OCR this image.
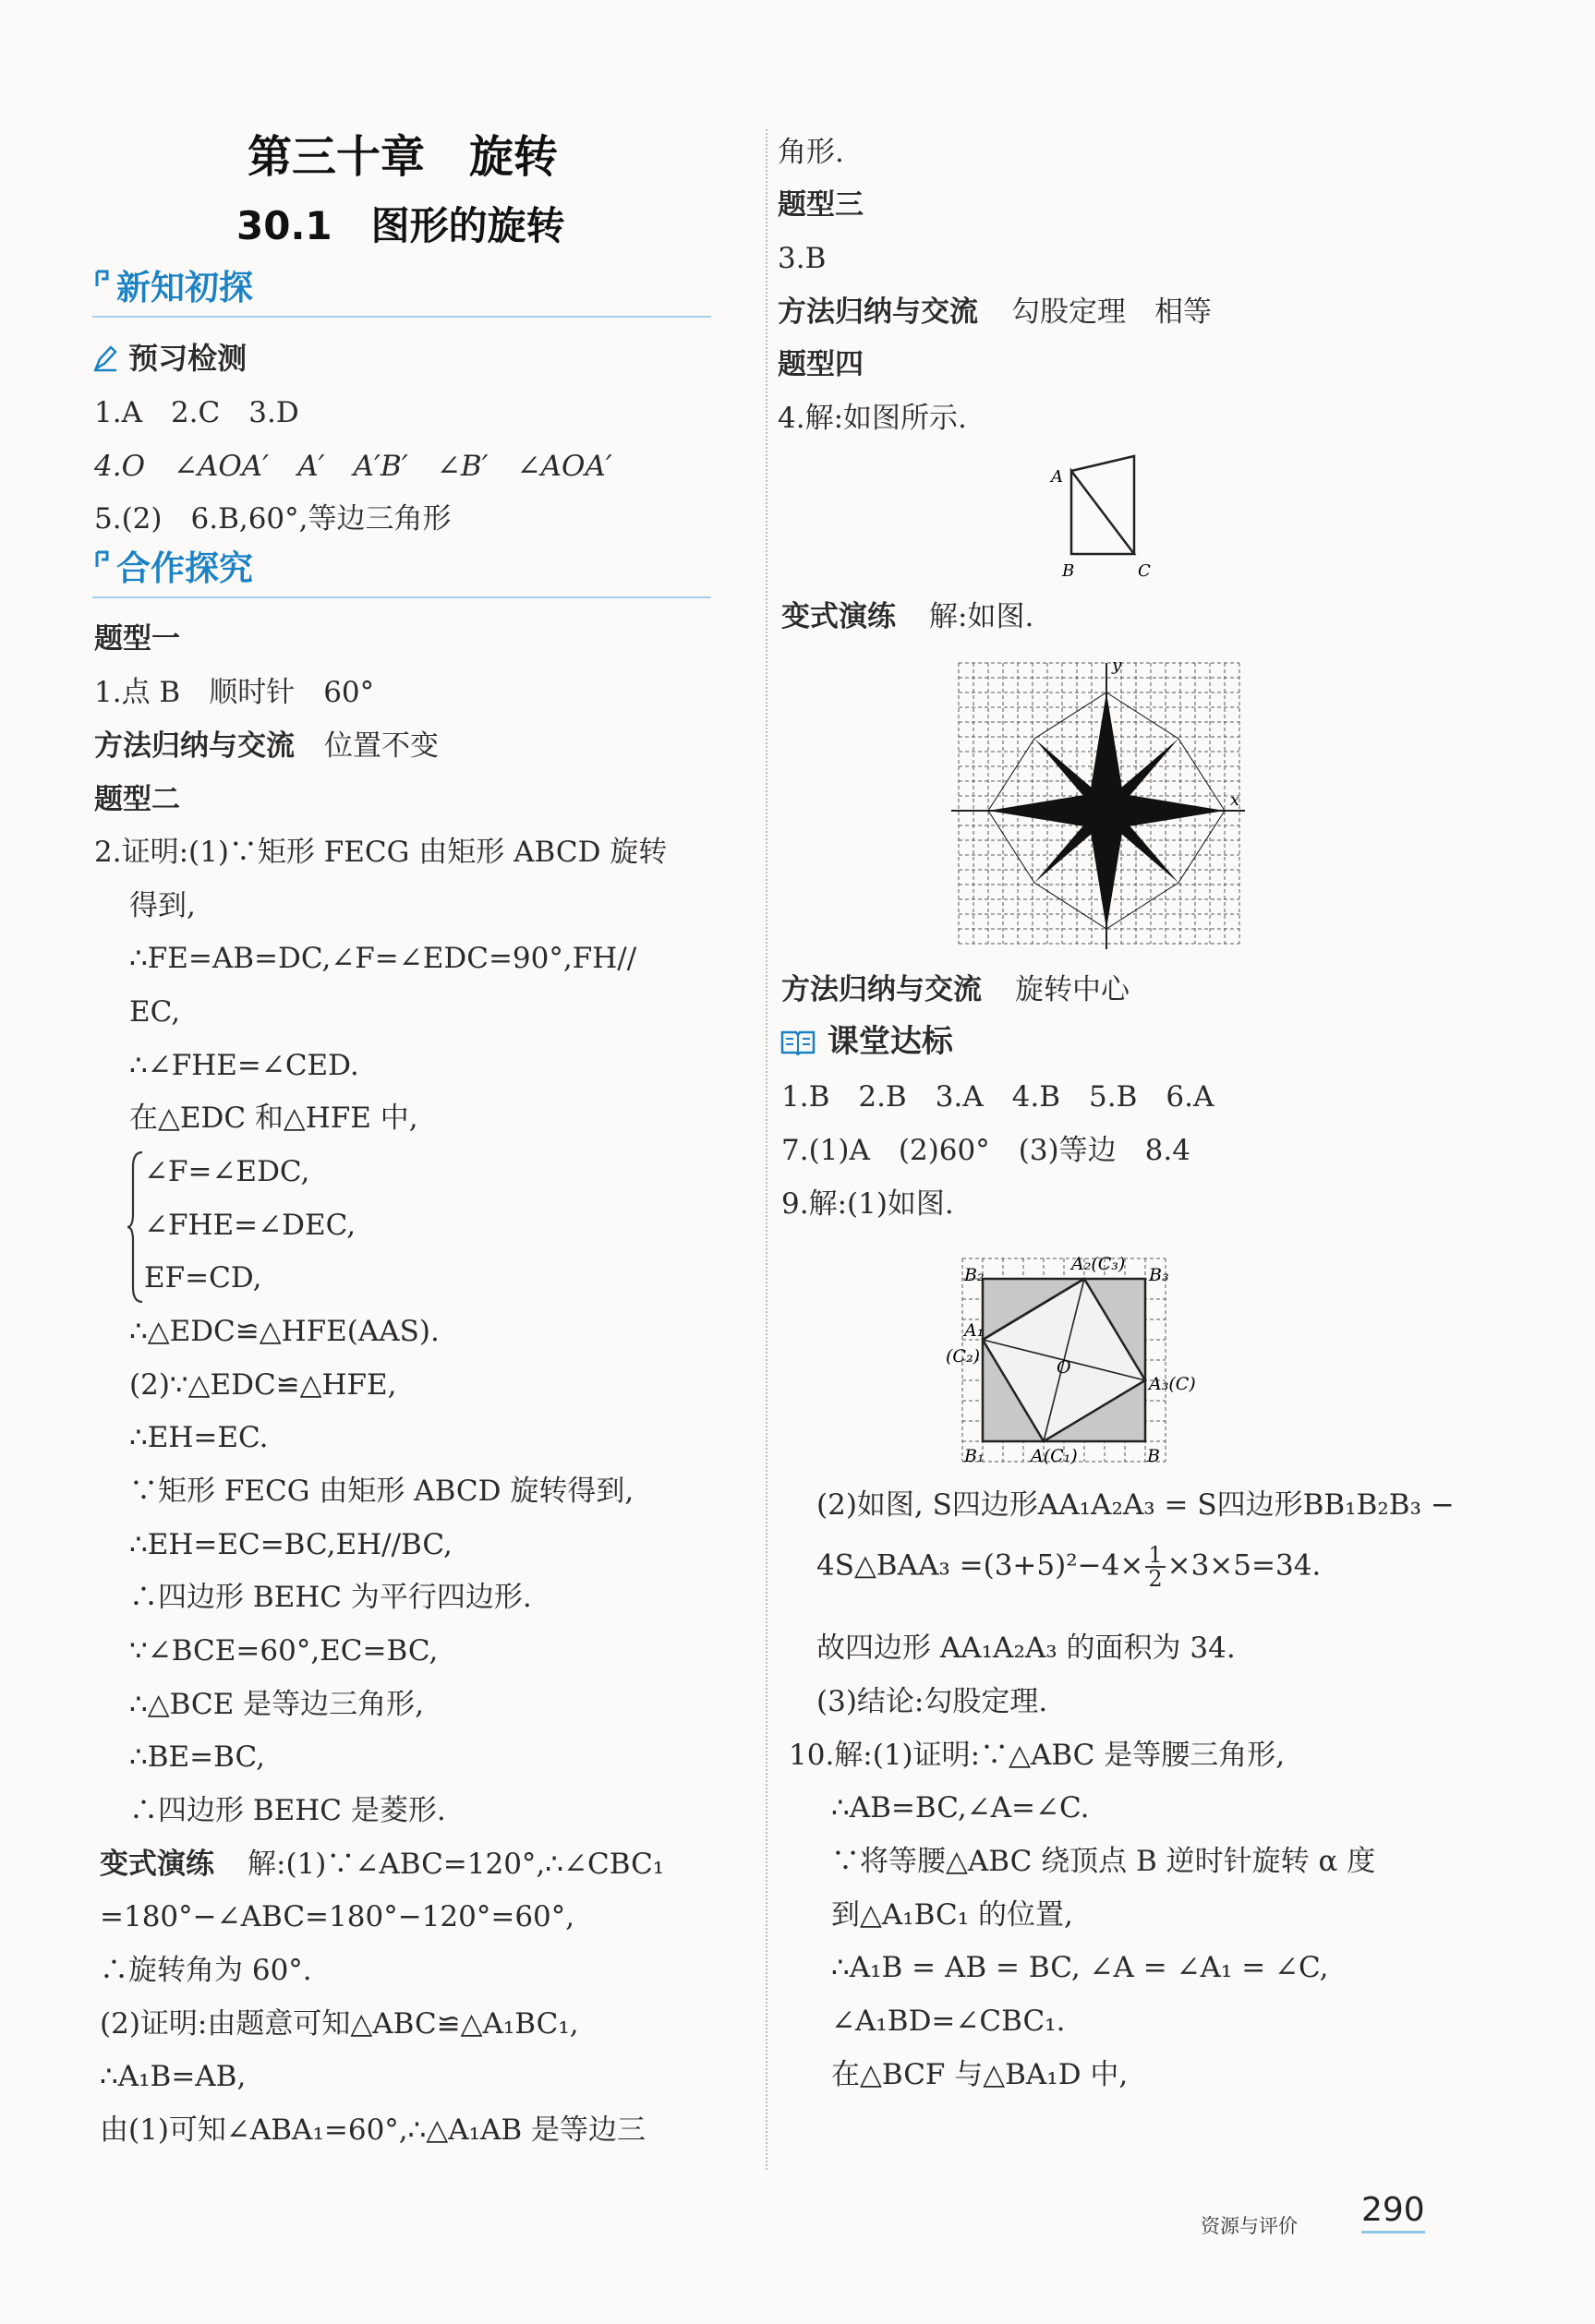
第三十章　旋转
30.1　图形的旋转
新知初探
预习检测
1.A　2.C　3.D
4.O　∠AOA′　A′　A′B′　∠B′　∠AOA′
5.(2)　6.B,60°,等边三角形
合作探究
题型一
1.点 B　顺时针　60°
方法归纳与交流 位置不变
题型二
2.证明:(1)∵矩形 FECG 由矩形 ABCD 旋转
得到,
∴FE=AB=DC,∠F=∠EDC=90°,FH//
EC,
∴∠FHE=∠CED.
在△EDC 和△HFE 中,
∠F=∠EDC,
∠FHE=∠DEC,
EF=CD,
∴△EDC≌△HFE(AAS).
(2)∵△EDC≌△HFE,
∴EH=EC.
∵矩形 FECG 由矩形 ABCD 旋转得到,
∴EH=EC=BC,EH//BC,
∴四边形 BEHC 为平行四边形.
∵∠BCE=60°,EC=BC,
∴△BCE 是等边三角形,
∴BE=BC,
∴四边形 BEHC 是菱形.
变式演练 解:(1)∵∠ABC=120°,∴∠CBC₁
=180°−∠ABC=180°−120°=60°,
∴旋转角为 60°.
(2)证明:由题意可知△ABC≌△A₁BC₁,
∴A₁B=AB,
由(1)可知∠ABA₁=60°,∴△A₁AB 是等边三
角形.
题型三
3.B
方法归纳与交流 勾股定理　相等
题型四
4.解:如图所示.
A
B	C
变式演练 解:如图.
x
y
方法归纳与交流 旋转中心
课堂达标
1.B　2.B　3.A　4.B　5.B　6.A
7.(1)A　(2)60°　(3)等边　8.4
9.解:(1)如图.
B₂
A₂(C₃)
B₃
A₁
(C₂)
O
A₃(C)
B₁	A(C₁)	B
(2)如图, S四边形AA₁A₂A₃ = S四边形BB₁B₂B₃ −
4S△BAA₃ $=(3+5)^2-4\times \frac{1}{2} \times 3\times 5=34$.
故四边形 AA₁A₂A₃ 的面积为 34.
(3)结论:勾股定理.
10.解:(1)证明:∵△ABC 是等腰三角形,
∴AB=BC,∠A=∠C.
∵将等腰△ABC 绕顶点 B 逆时针旋转 α 度
到△A₁BC₁ 的位置,
∴A₁B = AB = BC, ∠A = ∠A₁ = ∠C,
∠A₁BD=∠CBC₁.
在△BCF 与△BA₁D 中,
资源与评价 290
